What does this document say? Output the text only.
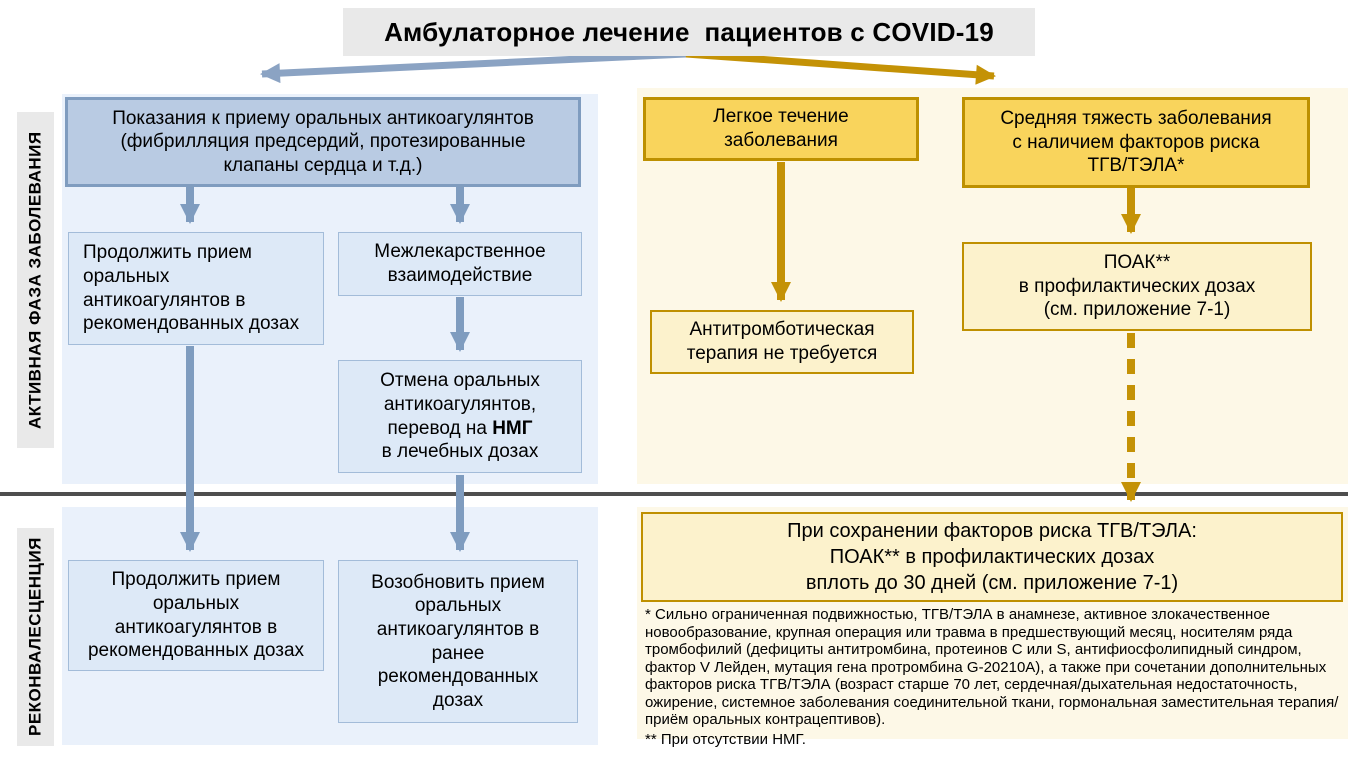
Амбулаторное лечение  пациентов с COVID-19
АКТИВНАЯ ФАЗА ЗАБОЛЕВАНИЯ
РЕКОНВАЛЕСЦЕНЦИЯ
Показания к приему оральных антикоагулянтов
(фибрилляция предсердий, протезированные
клапаны сердца и т.д.)
Продолжить прием
оральных
антикоагулянтов в
рекомендованных дозах
Межлекарственное
взаимодействие
Отмена оральных
антикоагулянтов,
перевод на НМГ
в лечебных дозах
Продолжить прием
оральных
антикоагулянтов в
рекомендованных дозах
Возобновить прием
оральных
антикоагулянтов в
ранее
рекомендованных
дозах
Легкое течение
заболевания
Средняя тяжесть заболевания
с наличием факторов риска
ТГВ/ТЭЛА*
Антитромботическая
терапия не требуется
ПОАК**
в профилактических дозах
(см. приложение 7-1)
При сохранении факторов риска ТГВ/ТЭЛА:
ПОАК** в профилактических дозах
вплоть до 30 дней (см. приложение 7-1)

* Сильно ограниченная подвижностью, ТГВ/ТЭЛА в анамнезе, активное злокачественное новообразование, крупная операция или травма в предшествующий месяц, носителям ряда тромбофилий (дефициты антитромбина, протеинов C или S, антифиосфолипидный синдром, фактор V Лейден, мутация гена протромбина G-20210A), а также при сочетании дополнительных факторов риска ТГВ/ТЭЛА (возраст старше 70 лет, сердечная/дыхательная недостаточность, ожирение, системное заболевания соединительной ткани, гормональная заместительная терапия/приём оральных контрацептивов).

** При отсутствии НМГ.
